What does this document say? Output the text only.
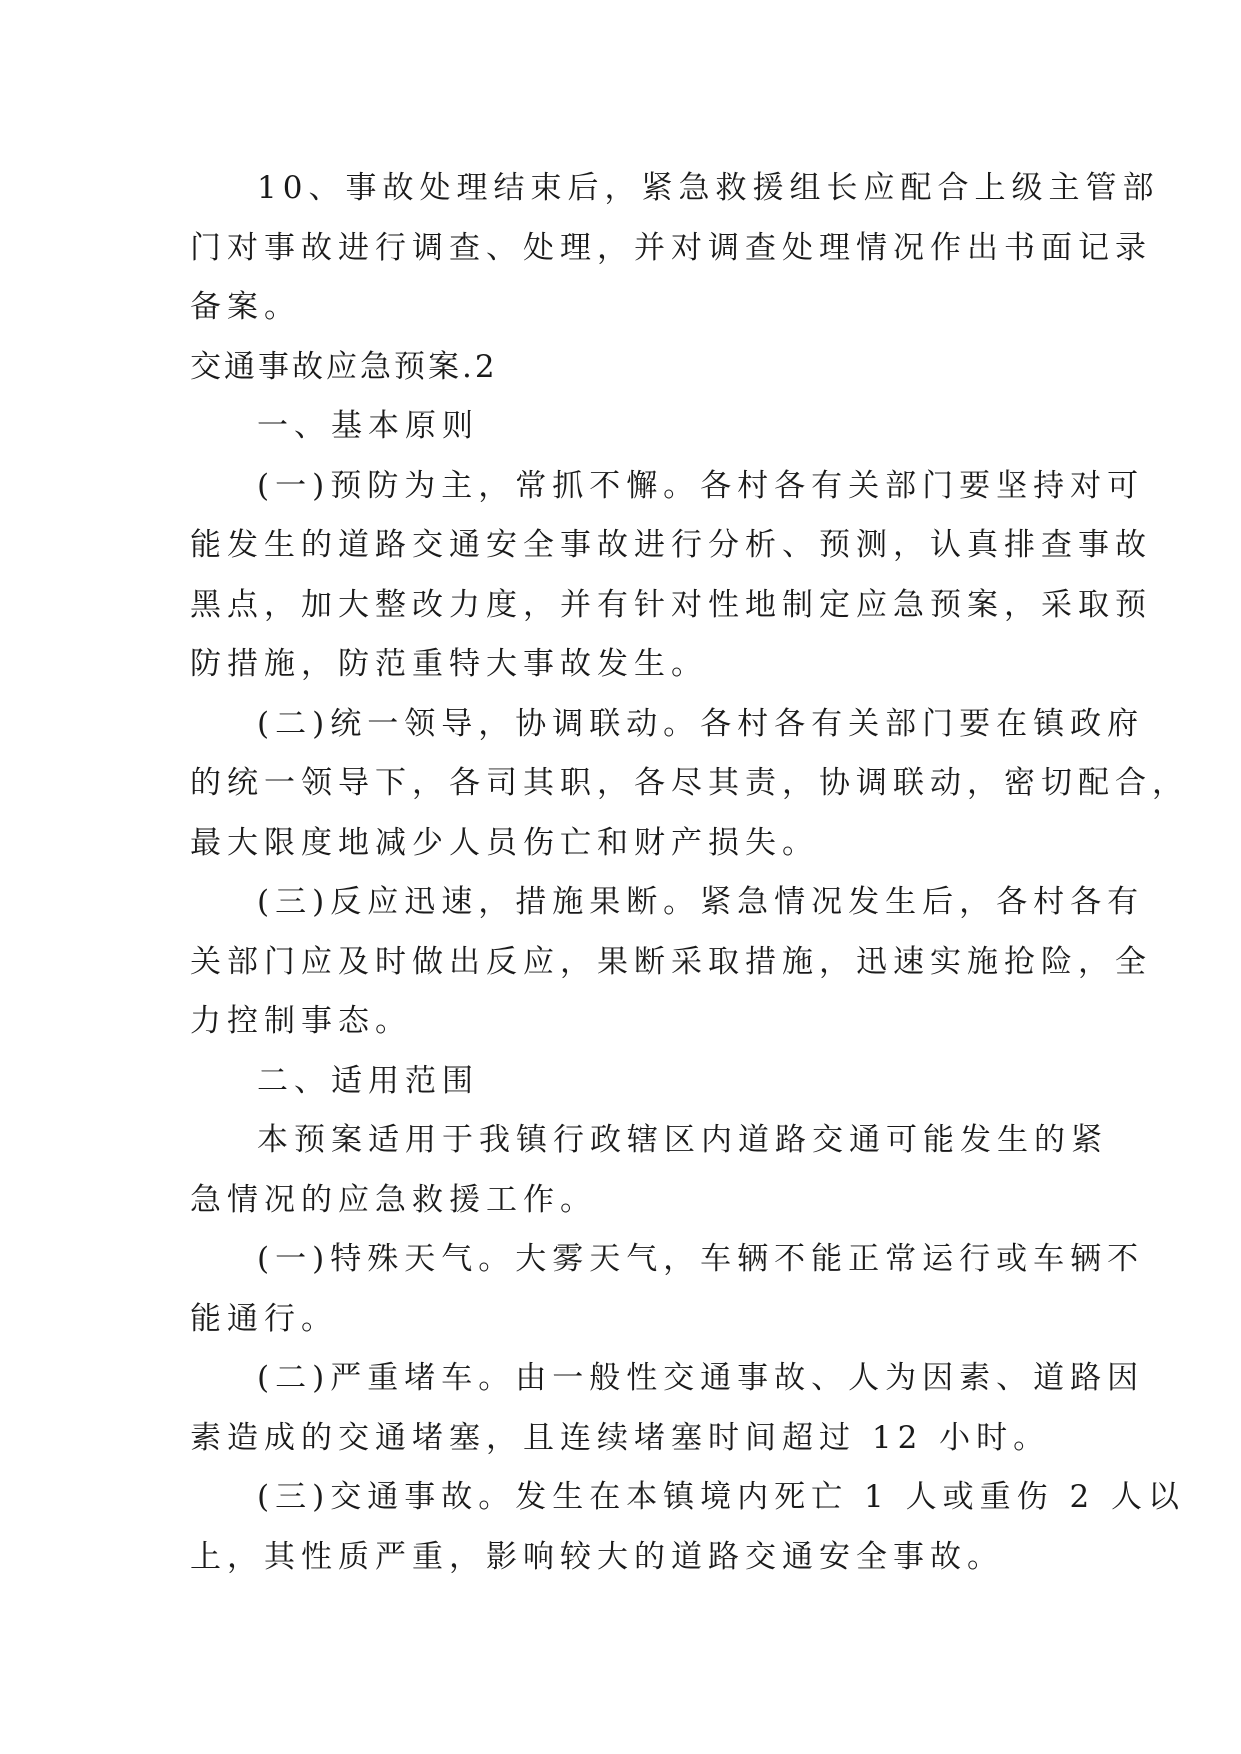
10、事故处理结束后，紧急救援组长应配合上级主管部
门对事故进行调查、处理，并对调查处理情况作出书面记录
备案。
交通事故应急预案.2
一、基本原则
(一)预防为主，常抓不懈。各村各有关部门要坚持对可
能发生的道路交通安全事故进行分析、预测，认真排查事故
黑点，加大整改力度，并有针对性地制定应急预案，采取预
防措施，防范重特大事故发生。
(二)统一领导，协调联动。各村各有关部门要在镇政府
的统一领导下，各司其职，各尽其责，协调联动，密切配合，
最大限度地减少人员伤亡和财产损失。
(三)反应迅速，措施果断。紧急情况发生后，各村各有
关部门应及时做出反应，果断采取措施，迅速实施抢险，全
力控制事态。
二、适用范围
本预案适用于我镇行政辖区内道路交通可能发生的紧
急情况的应急救援工作。
(一)特殊天气。大雾天气，车辆不能正常运行或车辆不
能通行。
(二)严重堵车。由一般性交通事故、人为因素、道路因
素造成的交通堵塞，且连续堵塞时间超过 12 小时。
(三)交通事故。发生在本镇境内死亡 1 人或重伤 2 人以
上，其性质严重，影响较大的道路交通安全事故。
